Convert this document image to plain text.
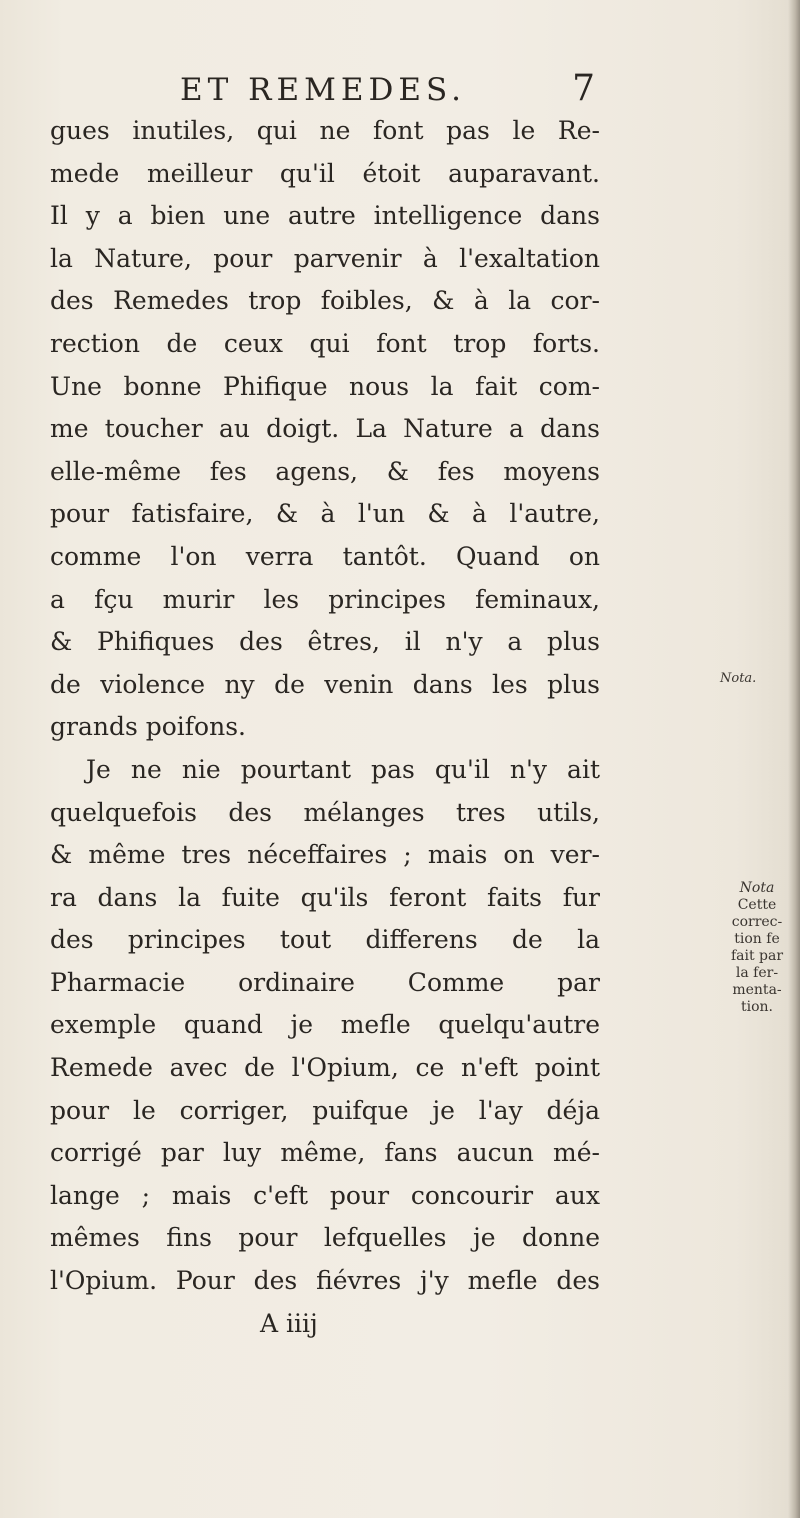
ET REMEDES.	7
gues inutiles, qui ne font pas le Re-
mede meilleur qu'il étoit auparavant.
Il y a bien une autre intelligence dans
la Nature, pour parvenir à l'exaltation
des Remedes trop foibles, & à la cor-
rection de ceux qui font trop forts.
Une bonne Phifique nous la fait com-
me toucher au doigt. La Nature a dans
elle-même fes agens, & fes moyens
pour fatisfaire, & à l'un & à l'autre,
comme l'on verra tantôt. Quand on
a fçu murir les principes feminaux,
& Phifiques des êtres, il n'y a plus
de violence ny de venin dans les plus
grands poifons.
Je ne nie pourtant pas qu'il n'y ait
quelquefois des mélanges tres utils,
& même tres néceffaires ; mais on ver-
ra dans la fuite qu'ils feront faits fur
des principes tout differens de la
Pharmacie ordinaire Comme par
exemple quand je mefle quelqu'autre
Remede avec de l'Opium, ce n'eft point
pour le corriger, puifque je l'ay déja
corrigé par luy même, fans aucun mé-
lange ; mais c'eft pour concourir aux
mêmes fins pour lefquelles je donne
l'Opium. Pour des fiévres j'y mefle des
A iiij
Nota.
Nota
Cette
correc-
tion fe
fait par
la fer-
menta-
tion.
